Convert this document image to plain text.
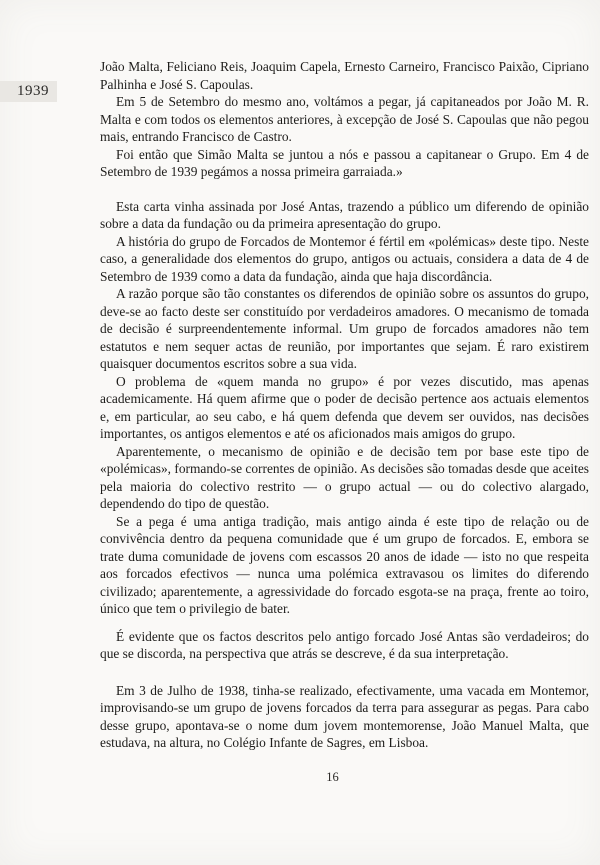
1939

João Malta, Feliciano Reis, Joaquim Capela, Ernesto Carneiro, Francisco Paixão, Cipriano Palhinha e José S. Capoulas.

Em 5 de Setembro do mesmo ano, voltámos a pegar, já capitaneados por João M. R. Malta e com todos os elementos anteriores, à excepção de José S. Capoulas que não pegou mais, entrando Francisco de Castro.

Foi então que Simão Malta se juntou a nós e passou a capitanear o Grupo. Em 4 de Setembro de 1939 pegámos a nossa primeira garraiada.»

Esta carta vinha assinada por José Antas, trazendo a público um diferendo de opinião sobre a data da fundação ou da primeira apresentação do grupo.

A história do grupo de Forcados de Montemor é fértil em «polémicas» deste tipo. Neste caso, a generalidade dos elementos do grupo, antigos ou actuais, considera a data de 4 de Setembro de 1939 como a data da fundação, ainda que haja discordância.

A razão porque são tão constantes os diferendos de opinião sobre os assuntos do grupo, deve-se ao facto deste ser constituído por verdadeiros amadores. O mecanismo de tomada de decisão é surpreendentemente informal. Um grupo de forcados amadores não tem estatutos e nem sequer actas de reunião, por importantes que sejam. É raro existirem quaisquer documentos escritos sobre a sua vida.

O problema de «quem manda no grupo» é por vezes discutido, mas apenas academicamente. Há quem afirme que o poder de decisão pertence aos actuais elementos e, em particular, ao seu cabo, e há quem defenda que devem ser ouvidos, nas decisões importantes, os antigos elementos e até os aficionados mais amigos do grupo.

Aparentemente, o mecanismo de opinião e de decisão tem por base este tipo de «polémicas», formando-se correntes de opinião. As decisões são tomadas desde que aceites pela maioria do colectivo restrito — o grupo actual — ou do colectivo alargado, dependendo do tipo de questão.

Se a pega é uma antiga tradição, mais antigo ainda é este tipo de relação ou de convivência dentro da pequena comunidade que é um grupo de forcados. E, embora se trate duma comunidade de jovens com escassos 20 anos de idade — isto no que respeita aos forcados efectivos — nunca uma polémica extravasou os limites do diferendo civilizado; aparentemente, a agressividade do forcado esgota-se na praça, frente ao toiro, único que tem o privilegio de bater.

É evidente que os factos descritos pelo antigo forcado José Antas são verdadeiros; do que se discorda, na perspectiva que atrás se descreve, é da sua interpretação.

Em 3 de Julho de 1938, tinha-se realizado, efectivamente, uma vacada em Montemor, improvisando-se um grupo de jovens forcados da terra para assegurar as pegas. Para cabo desse grupo, apontava-se o nome dum jovem montemorense, João Manuel Malta, que estudava, na altura, no Colégio Infante de Sagres, em Lisboa.

16
